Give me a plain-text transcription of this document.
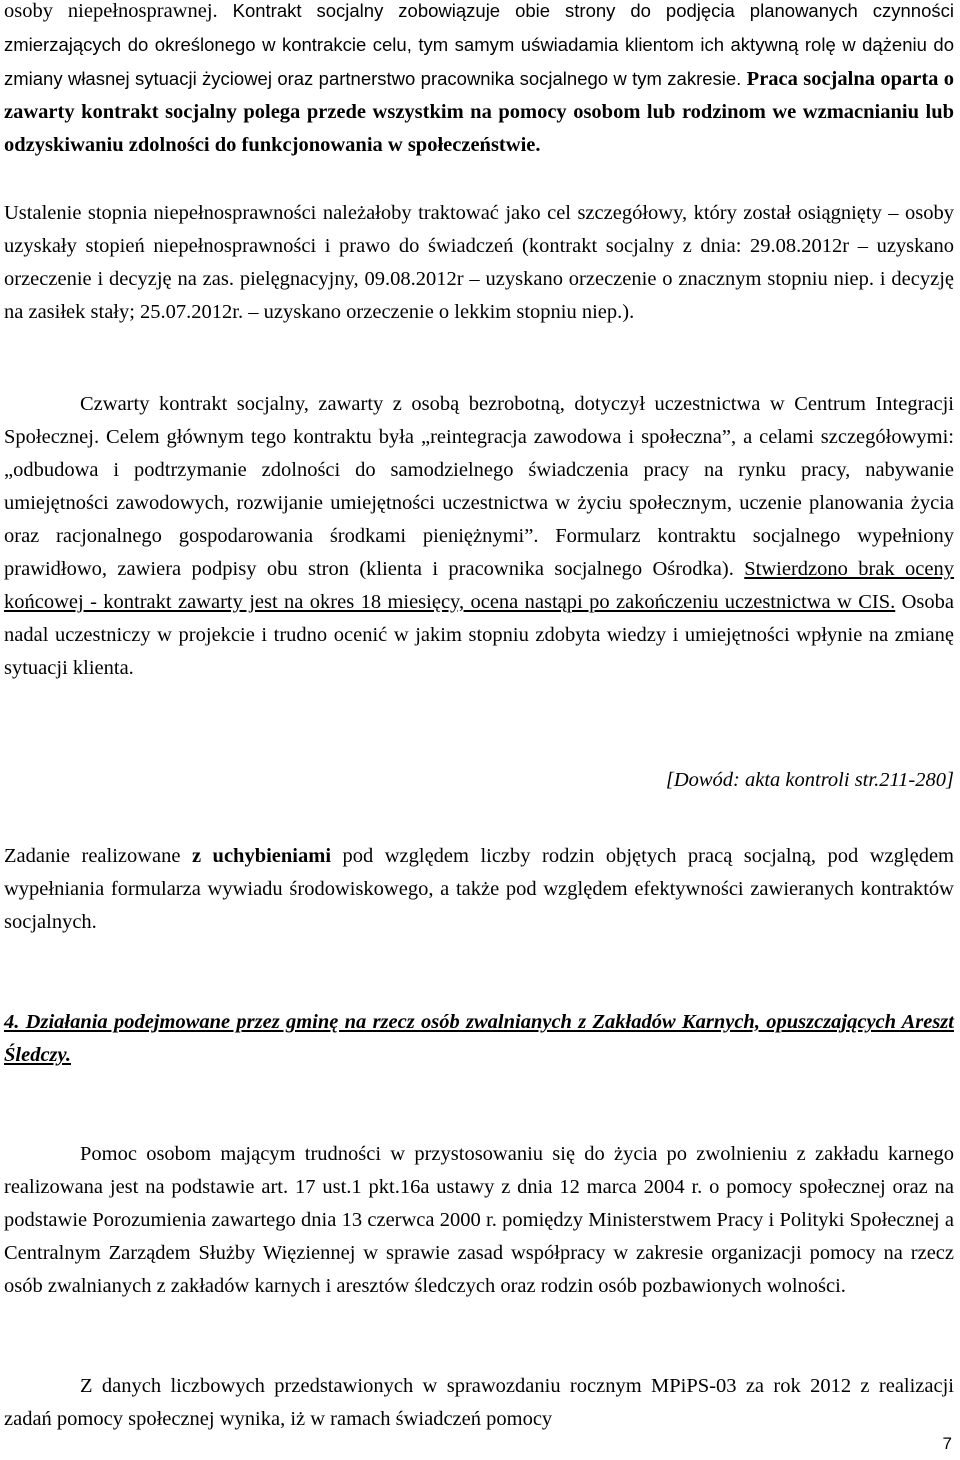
osoby niepełnosprawnej. Kontrakt socjalny zobowiązuje obie strony do podjęcia planowanych czynności zmierzających do określonego w kontrakcie celu, tym samym uświadamia klientom ich aktywną rolę w dążeniu do zmiany własnej sytuacji życiowej oraz partnerstwo pracownika socjalnego w tym zakresie. Praca socjalna oparta o zawarty kontrakt socjalny polega przede wszystkim na pomocy osobom lub rodzinom we wzmacnianiu lub odzyskiwaniu zdolności do funkcjonowania w społeczeństwie.
Ustalenie stopnia niepełnosprawności należałoby traktować jako cel szczegółowy, który został osiągnięty – osoby uzyskały stopień niepełnosprawności i prawo do świadczeń (kontrakt socjalny z dnia: 29.08.2012r – uzyskano orzeczenie i decyzję na zas. pielęgnacyjny, 09.08.2012r – uzyskano orzeczenie o znacznym stopniu niep. i decyzję na zasiłek stały; 25.07.2012r. – uzyskano orzeczenie o lekkim stopniu niep.).
Czwarty kontrakt socjalny, zawarty z osobą bezrobotną, dotyczył uczestnictwa w Centrum Integracji Społecznej. Celem głównym tego kontraktu była „reintegracja zawodowa i społeczna”, a celami szczegółowymi: „odbudowa i podtrzymanie zdolności do samodzielnego świadczenia pracy na rynku pracy, nabywanie umiejętności zawodowych, rozwijanie umiejętności uczestnictwa w życiu społecznym, uczenie planowania życia oraz racjonalnego gospodarowania środkami pieniężnymi”. Formularz kontraktu socjalnego wypełniony prawidłowo, zawiera podpisy obu stron (klienta i pracownika socjalnego Ośrodka). Stwierdzono brak oceny końcowej - kontrakt zawarty jest na okres 18 miesięcy, ocena nastąpi po zakończeniu uczestnictwa w CIS. Osoba nadal uczestniczy w projekcie i trudno ocenić w jakim stopniu zdobyta wiedzy i umiejętności wpłynie na zmianę sytuacji klienta.
[Dowód: akta kontroli str.211-280]
Zadanie realizowane z uchybieniami pod względem liczby rodzin objętych pracą socjalną, pod względem wypełniania formularza wywiadu środowiskowego, a także pod względem efektywności zawieranych kontraktów socjalnych.
4. Działania podejmowane przez gminę na rzecz osób zwalnianych z Zakładów Karnych, opuszczających Areszt Śledczy.
Pomoc osobom mającym trudności w przystosowaniu się do życia po zwolnieniu z zakładu karnego realizowana jest na podstawie art. 17 ust.1 pkt.16a ustawy z dnia 12 marca 2004 r. o pomocy społecznej oraz na podstawie Porozumienia zawartego dnia 13 czerwca 2000 r. pomiędzy Ministerstwem Pracy i Polityki Społecznej a Centralnym Zarządem Służby Więziennej w sprawie zasad współpracy w zakresie organizacji pomocy na rzecz osób zwalnianych z zakładów karnych i aresztów śledczych oraz rodzin osób pozbawionych wolności.
Z danych liczbowych przedstawionych w sprawozdaniu rocznym MPiPS-03 za rok 2012 z realizacji zadań pomocy społecznej wynika, iż w ramach świadczeń pomocy
7
